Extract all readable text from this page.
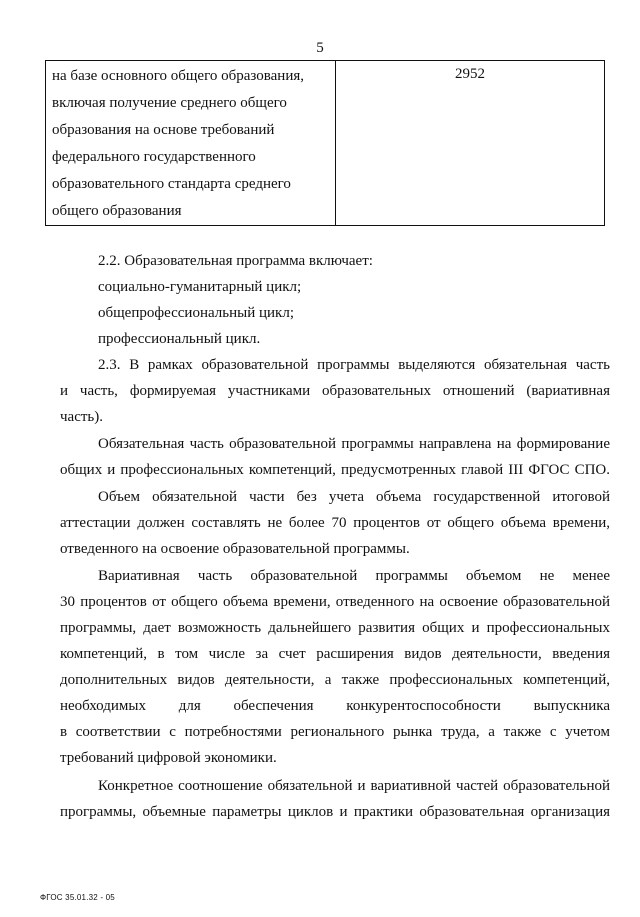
5
на базе основного общего образования,
включая получение среднего общего
образования на основе требований
федерального государственного
образовательного стандарта среднего
общего образования
	2952
2.2. Образовательная программа включает:
социально-гуманитарный цикл;
общепрофессиональный цикл;
профессиональный цикл.
2.3. В рамках образовательной программы выделяются обязательная часть
и часть, формируемая участниками образовательных отношений (вариативная
часть).
Обязательная часть образовательной программы направлена на формирование
общих и профессиональных компетенций, предусмотренных главой III ФГОС СПО.
Объем обязательной части без учета объема государственной итоговой
аттестации должен составлять не более 70 процентов от общего объема времени,
отведенного на освоение образовательной программы.
Вариативная часть образовательной программы объемом не менее
30 процентов от общего объема времени, отведенного на освоение образовательной
программы, дает возможность дальнейшего развития общих и профессиональных
компетенций, в том числе за счет расширения видов деятельности, введения
дополнительных видов деятельности, а также профессиональных компетенций,
необходимых для обеспечения конкурентоспособности выпускника
в соответствии с потребностями регионального рынка труда, а также с учетом
требований цифровой экономики.
Конкретное соотношение обязательной и вариативной частей образовательной
программы, объемные параметры циклов и практики образовательная организация
ФГОС 35.01.32 - 05
